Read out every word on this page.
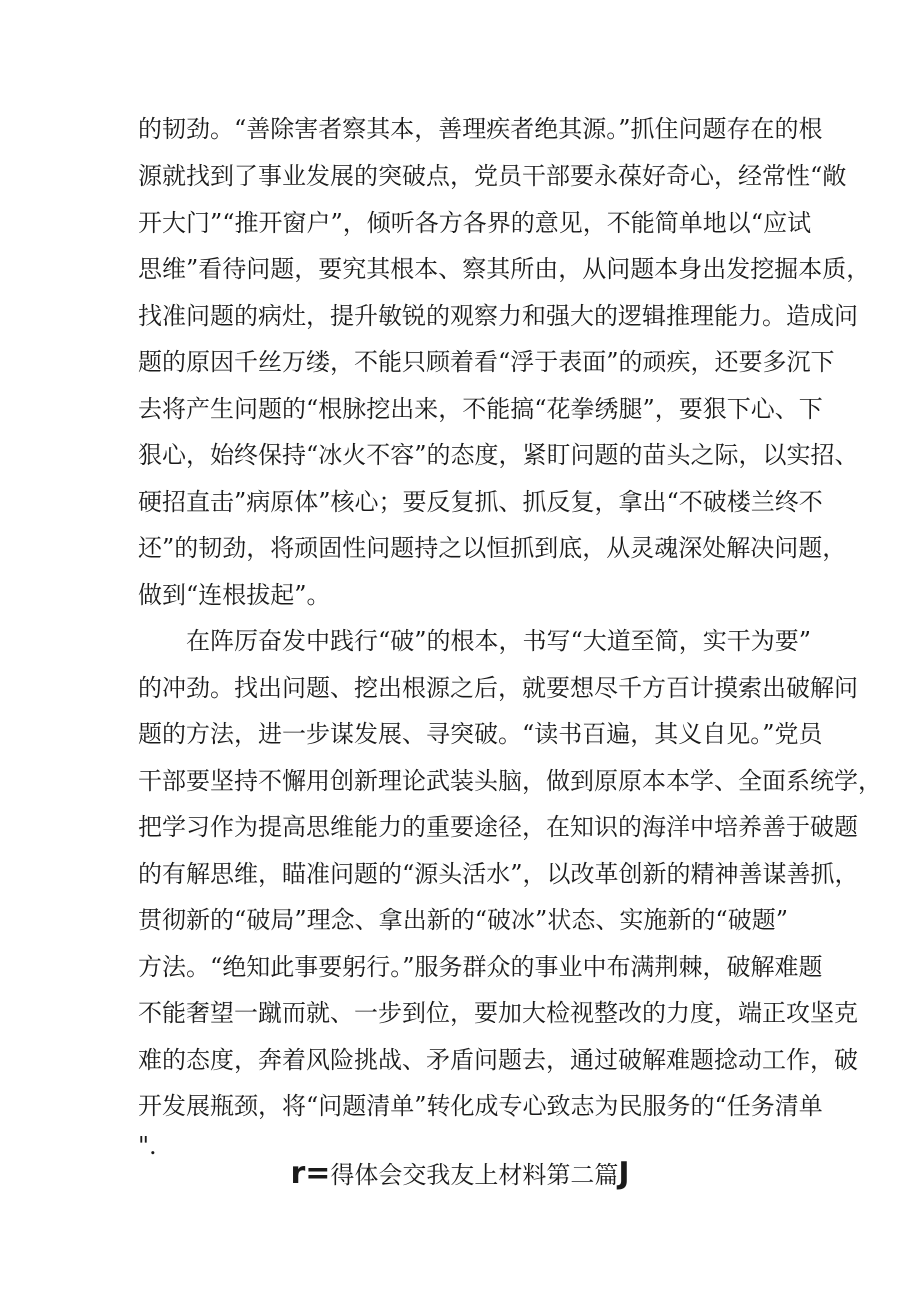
的韧劲。“善除害者察其本，善理疾者绝其源。”抓住问题存在的根
源就找到了事业发展的突破点，党员干部要永葆好奇心，经常性“敞
开大门”“推开窗户”，倾听各方各界的意见，不能简单地以“应试
思维”看待问题，要究其根本、察其所由，从问题本身出发挖掘本质，
找准问题的病灶，提升敏锐的观察力和强大的逻辑推理能力。造成问
题的原因千丝万缕，不能只顾着看“浮于表面”的顽疾，还要多沉下
去将产生问题的“根脉挖出来，不能搞“花拳绣腿”，要狠下心、下
狠心，始终保持“冰火不容”的态度，紧盯问题的苗头之际，以实招、
硬招直击”病原体”核心；要反复抓、抓反复，拿出“不破楼兰终不
还”的韧劲，将顽固性问题持之以恒抓到底，从灵魂深处解决问题，
做到“连根拔起”。
在阵厉奋发中践行“破”的根本，书写“大道至简，实干为要”
的冲劲。找出问题、挖出根源之后，就要想尽千方百计摸索出破解问
题的方法，进一步谋发展、寻突破。“读书百遍，其义自见。”党员
干部要坚持不懈用创新理论武装头脑，做到原原本本学、全面系统学，
把学习作为提高思维能力的重要途径，在知识的海洋中培养善于破题
的有解思维，瞄准问题的“源头活水”，以改革创新的精神善谋善抓，
贯彻新的“破局”理念、拿出新的“破冰”状态、实施新的“破题”
方法。“绝知此事要躬行。”服务群众的事业中布满荆棘，破解难题
不能奢望一蹴而就、一步到位，要加大检视整改的力度，端正攻坚克
难的态度，奔着风险挑战、矛盾问题去，通过破解难题捻动工作，破
开发展瓶颈，将“问题清单”转化成专心致志为民服务的“任务清单
".
r=得体会交我友上材料第二篇J
